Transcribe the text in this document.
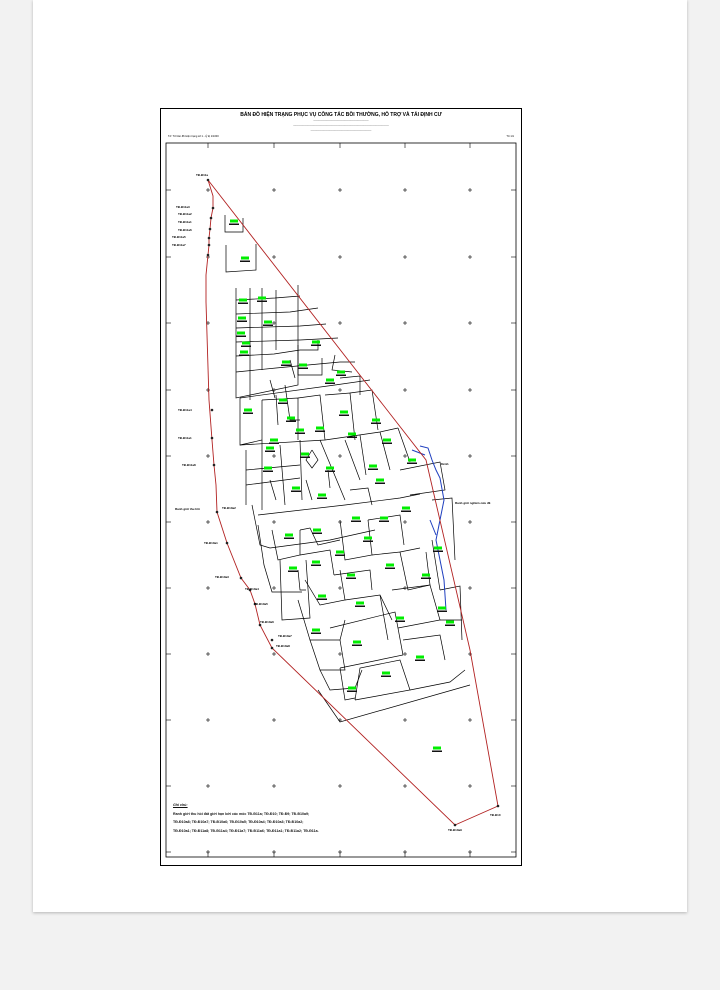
BẢN ĐỒ HIỆN TRẠNG PHỤC VỤ CÔNG TÁC BỒI THƯỜNG, HỖ TRỢ VÀ TÁI ĐỊNH CƯ
──────────────────────────────
────────────────────────────────────────────────────
─────────────────────────────────
Tờ: Tờ bản đồ Hiện trạng số 1 - tỷ lệ 1/1000	Tờ 1/1
Kênh
Ranh giới nghiên cứu đề
Ranh giới thu hồi
TĐ-Đ11a
TĐ-Đ11a3
TĐ-Đ11a2
TĐ-Đ11a1
TĐ-Đ11a6
TĐ-Đ11a5
TĐ-Đ11a7
TĐ-Đ11a4
TĐ-Đ11a1
TĐ-Đ11a8
TĐ-Đ10a2
TĐ-Đ10a1
TĐ-Đ10a3
TĐ-Đ10a4
TĐ-Đ10a5
TĐ-Đ10a6
TĐ-Đ10a7
TĐ-Đ10a8
TĐ-Đ10a9
TĐ-Đ10
Ghi chú:
Ranh giới thu hồi đất giới hạn bởi các mốc TĐ-Đ11a; TĐ-Đ10; TĐ-Đ9; TĐ-Đ10a9;
TĐ-Đ10a8; TĐ-Đ10a7; TĐ-Đ10a6; TĐ-Đ10a5; TĐ-Đ10a4; TĐ-Đ10a3; TĐ-Đ10a2;
TĐ-Đ10a1; TĐ-Đ11a8; TĐ-Đ11a4; TĐ-Đ11a7; TĐ-Đ11a6; TĐ-Đ11a1; TĐ-Đ11a2; TĐ-Đ11a.
